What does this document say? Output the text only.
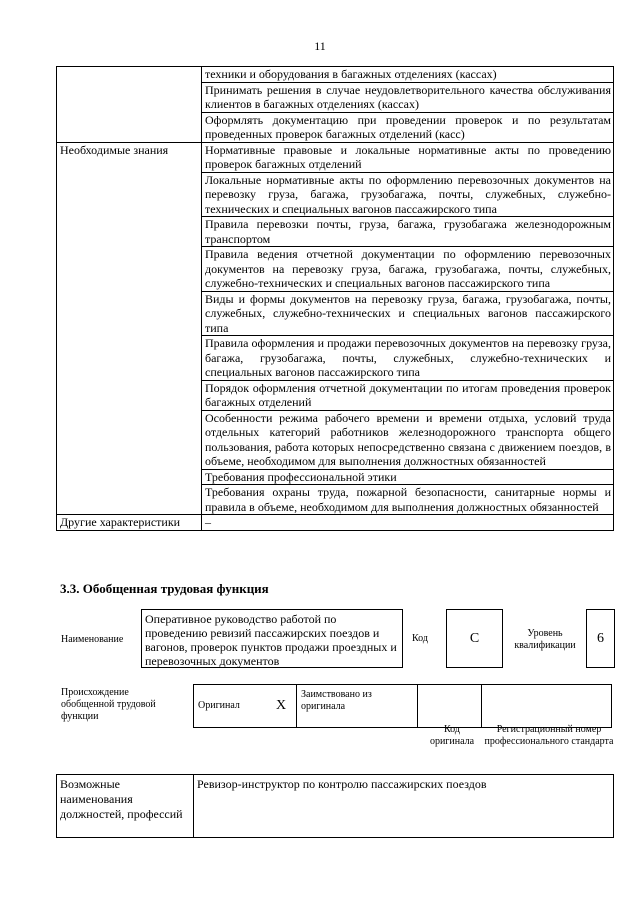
11
	техники и оборудования в багажных отделениях (кассах)
	Принимать решения в случае неудовлетворительного качества обслуживания клиентов в багажных отделениях (кассах)
	Оформлять документацию при проведении проверок и по результатам проведенных проверок багажных отделений (касс)
Необходимые знания	Нормативные правовые и локальные нормативные акты по проведению проверок багажных отделений
	Локальные нормативные акты по оформлению перевозочных документов на перевозку груза, багажа, грузобагажа, почты, служебных, служебно-технических и специальных вагонов пассажирского типа
	Правила перевозки почты, груза, багажа, грузобагажа железнодорожным транспортом
	Правила ведения отчетной документации по оформлению перевозочных документов на перевозку груза, багажа, грузобагажа, почты, служебных, служебно-технических и специальных вагонов пассажирского типа
	Виды и формы документов на перевозку груза, багажа, грузобагажа, почты, служебных, служебно-технических и специальных вагонов пассажирского типа
	Правила оформления и продажи перевозочных документов на перевозку груза, багажа, грузобагажа, почты, служебных, служебно-технических и специальных вагонов пассажирского типа
	Порядок оформления отчетной документации по итогам проведения проверок багажных отделений
	Особенности режима рабочего времени и времени отдыха, условий труда отдельных категорий работников железнодорожного транспорта общего пользования, работа которых непосредственно связана с движением поездов, в объеме, необходимом для выполнения должностных обязанностей
	Требования профессиональной этики
	Требования охраны труда, пожарной безопасности, санитарные нормы и правила в объеме, необходимом для выполнения должностных обязанностей
Другие характеристики	–
3.3. Обобщенная трудовая функция
Наименование
Оперативное руководство работой по проведению ревизий пассажирских поездов и вагонов, проверок пунктов продажи проездных и перевозочных документов
Код	C	Уровень квалификации	6
Происхождение обобщенной трудовой функции
Оригинал	X	Заимствовано из оригинала		
Код оригинала
Регистрационный номер профессионального стандарта
Возможные наименования должностей, профессий	Ревизор-инструктор по контролю пассажирских поездов
